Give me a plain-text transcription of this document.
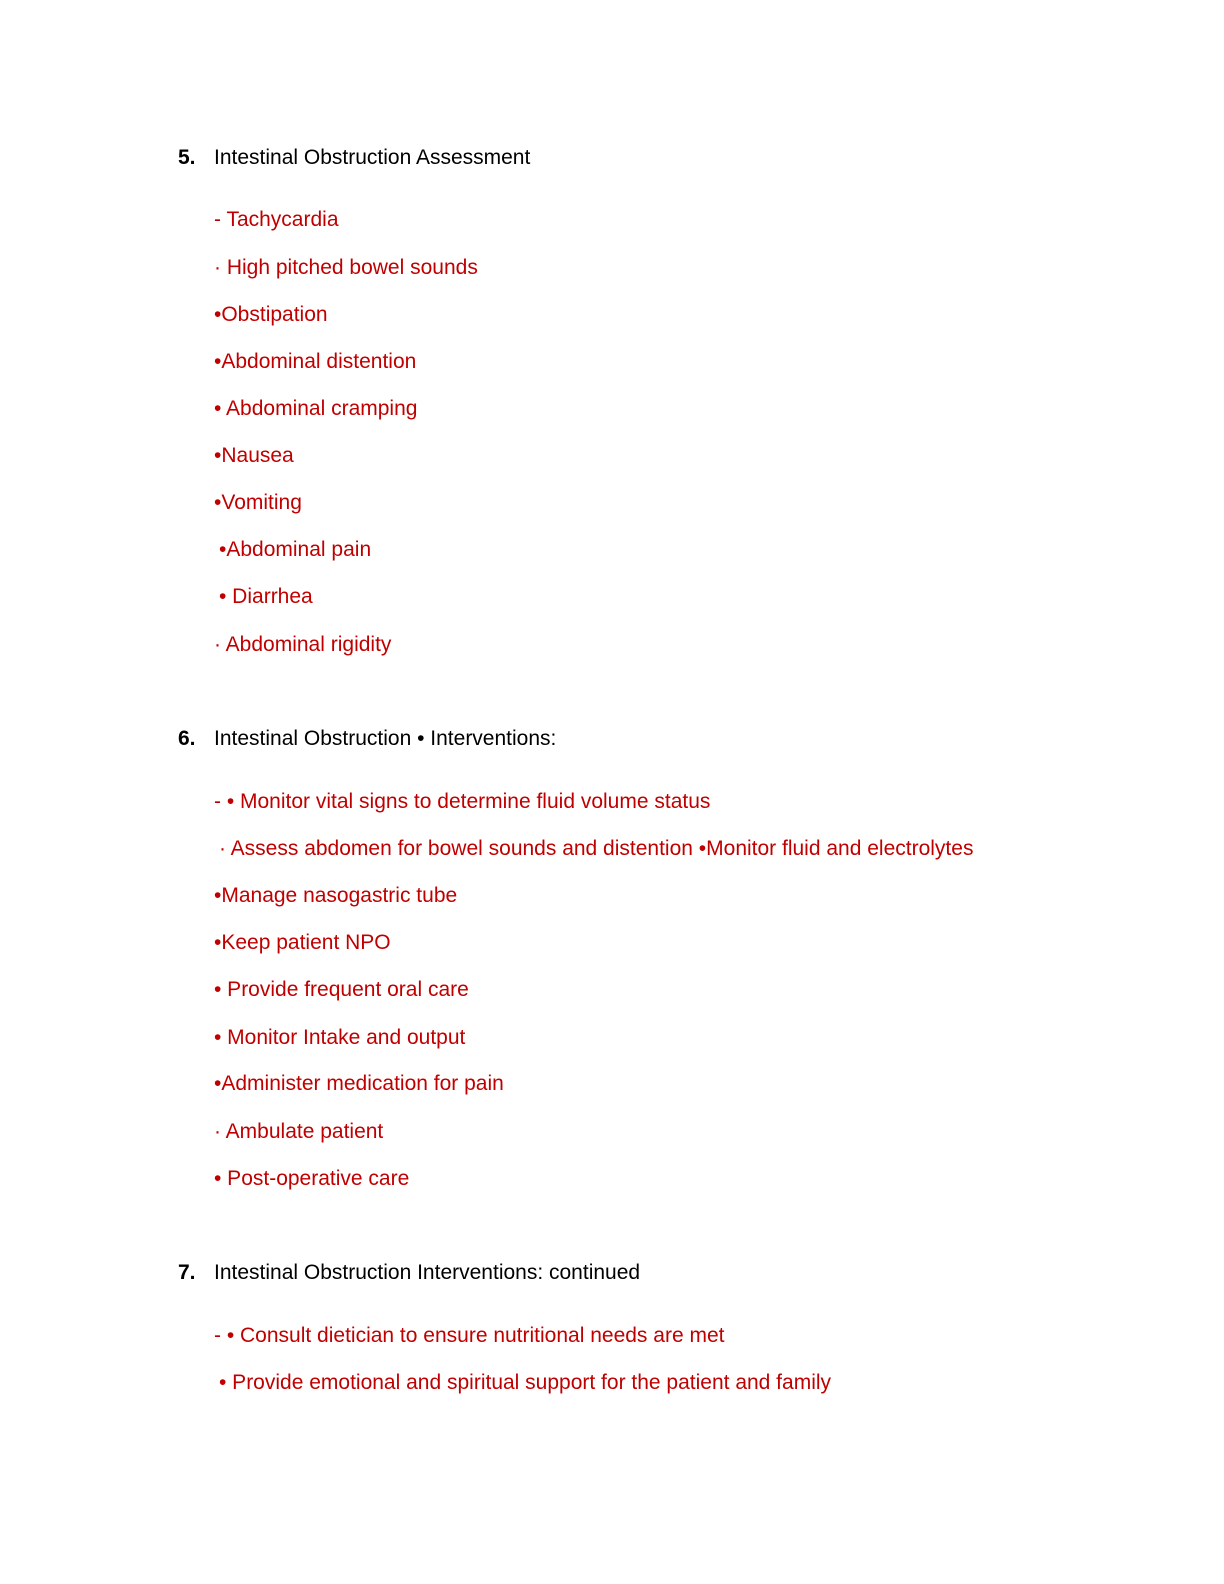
5. Intestinal Obstruction Assessment
- Tachycardia
· High pitched bowel sounds
•Obstipation
•Abdominal distention
• Abdominal cramping
•Nausea
•Vomiting
•Abdominal pain
• Diarrhea
· Abdominal rigidity
6. Intestinal Obstruction • Interventions:
- • Monitor vital signs to determine fluid volume status
· Assess abdomen for bowel sounds and distention •Monitor fluid and electrolytes
•Manage nasogastric tube
•Keep patient NPO
• Provide frequent oral care
• Monitor Intake and output
•Administer medication for pain
· Ambulate patient
• Post-operative care
7. Intestinal Obstruction Interventions: continued
- • Consult dietician to ensure nutritional needs are met
• Provide emotional and spiritual support for the patient and family
